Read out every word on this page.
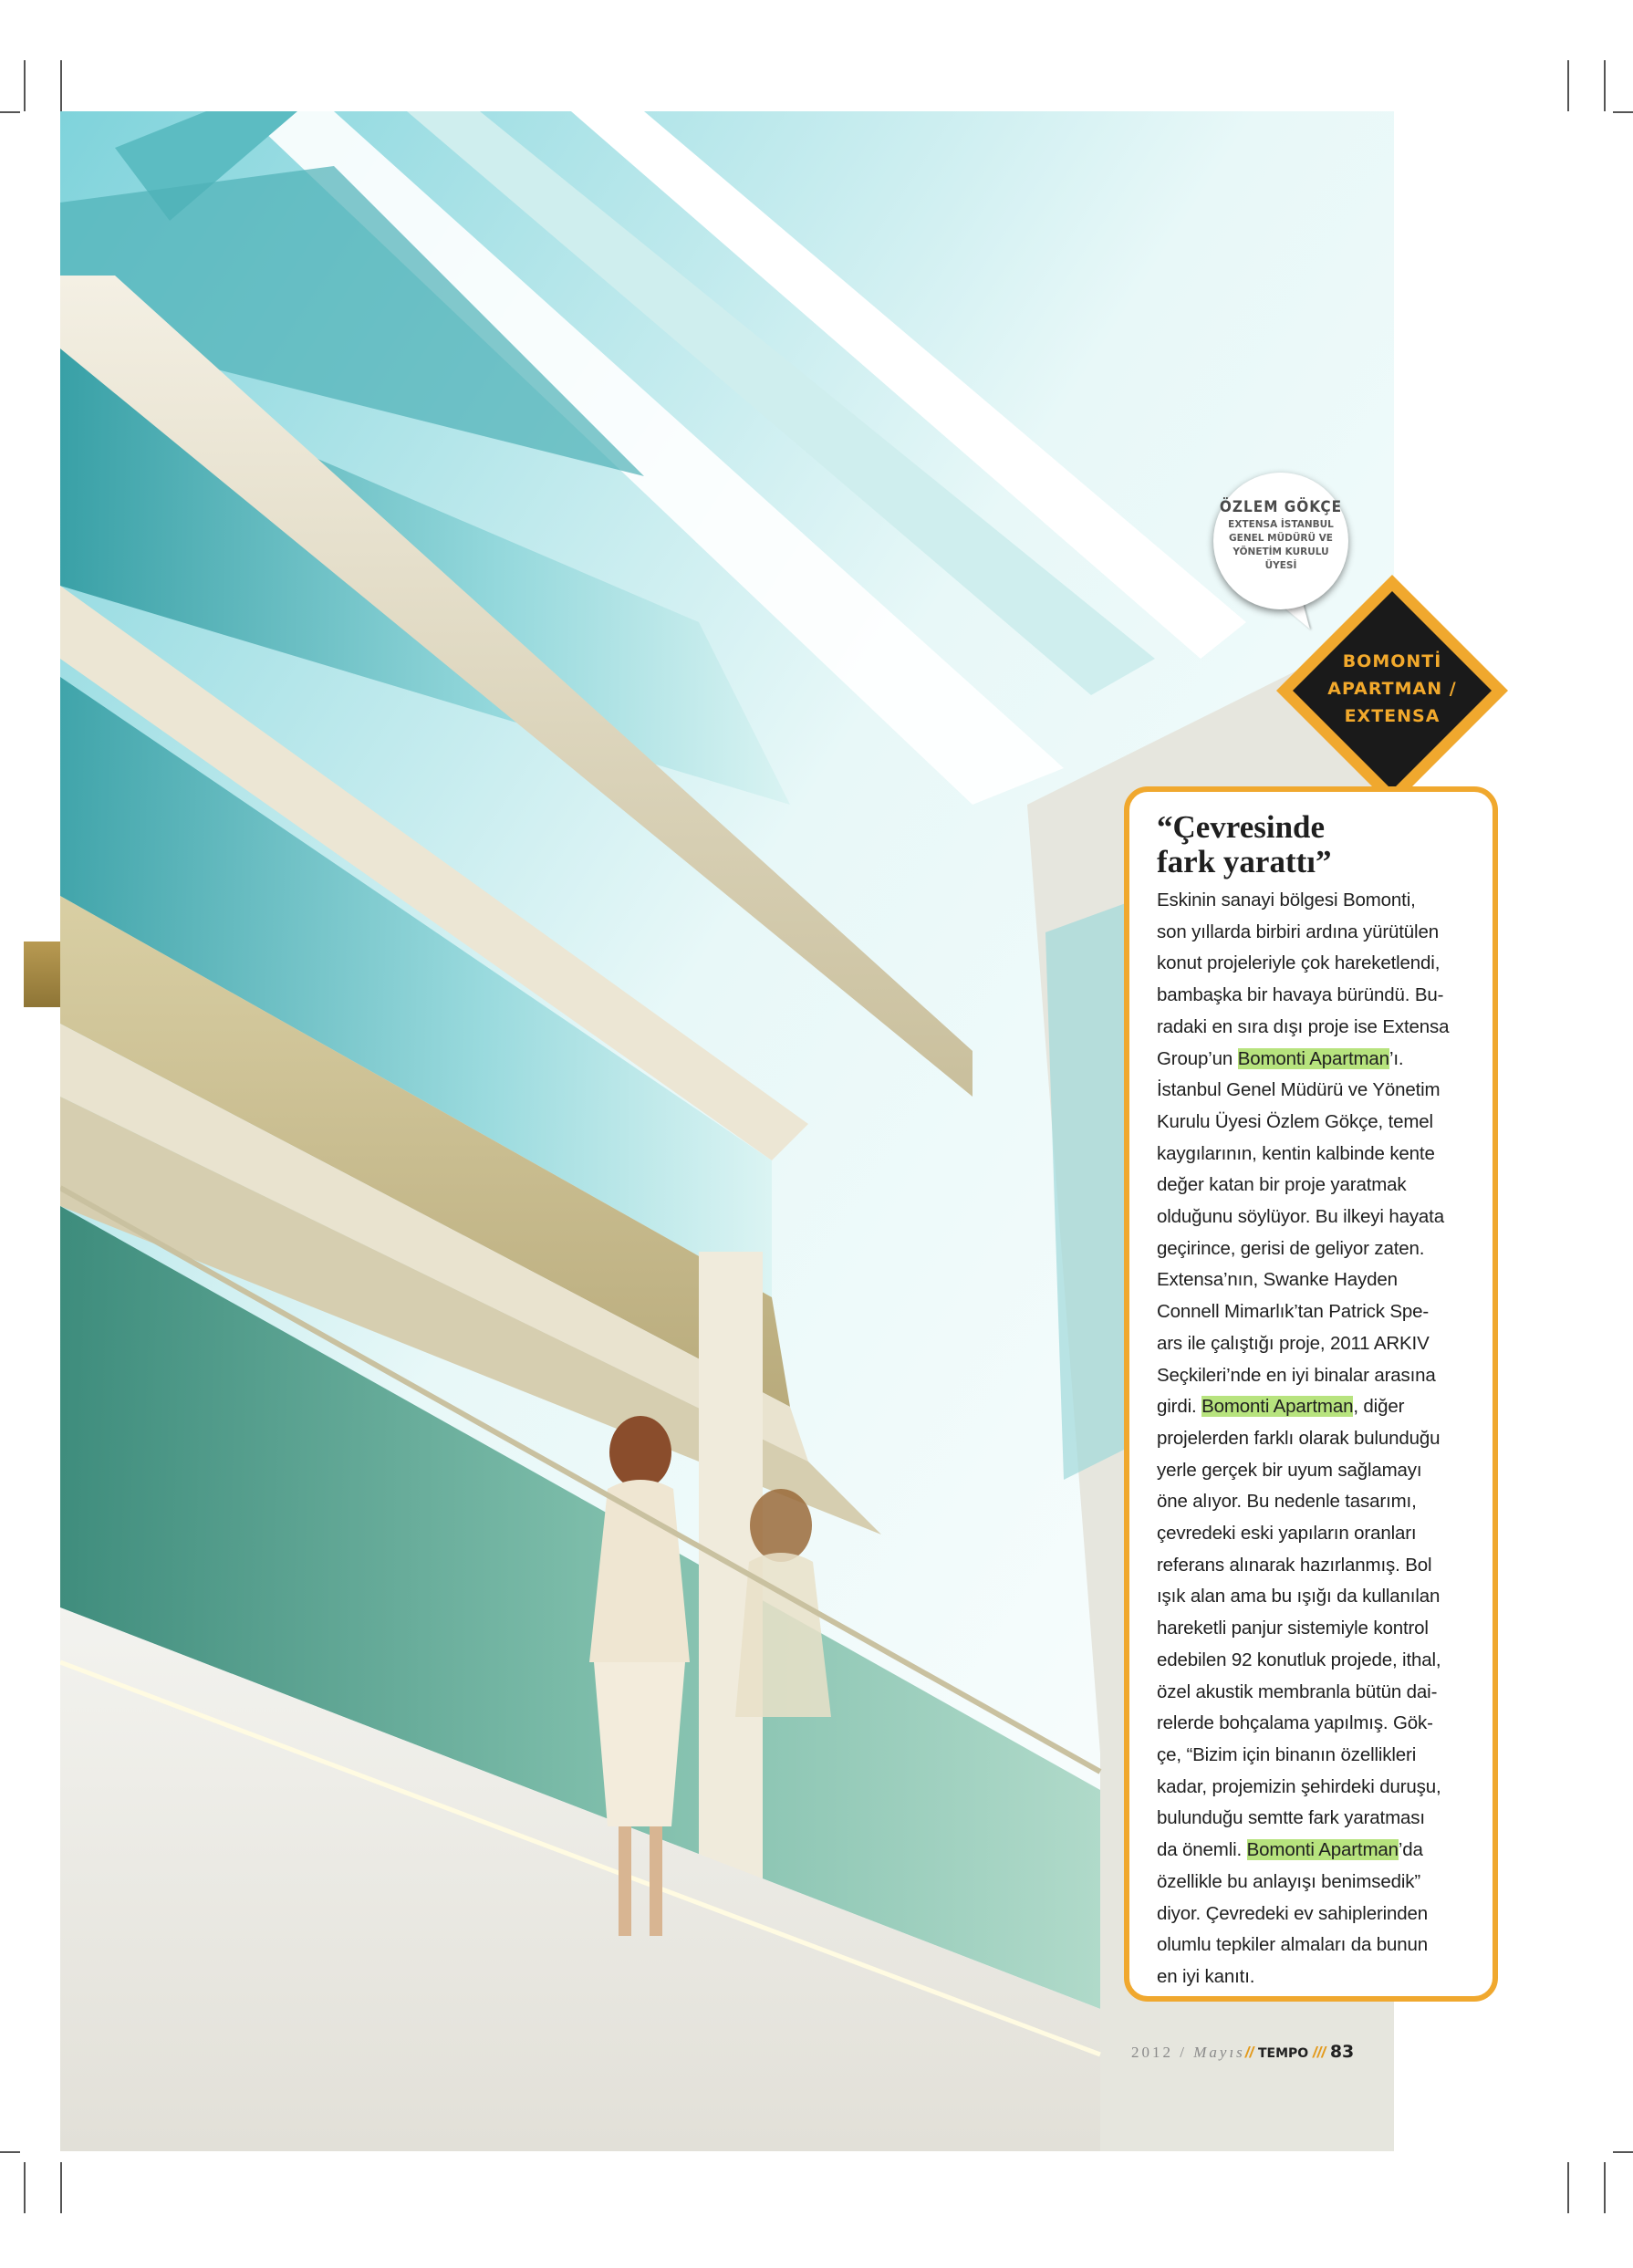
ÖZLEM GÖKÇE
EXTENSA İSTANBUL
GENEL MÜDÜRÜ VE
YÖNETİM KURULU
ÜYESİ
BOMONTİ
APARTMAN /
EXTENSA
“Çevresinde
fark yarattı”
Eskinin sanayi bölgesi Bomonti,
son yıllarda birbiri ardına yürütülen
konut projeleriyle çok hareketlendi,
bambaşka bir havaya büründü. Bu-
radaki en sıra dışı proje ise Extensa
Group’un Bomonti Apartman’ı.
İstanbul Genel Müdürü ve Yönetim
Kurulu Üyesi Özlem Gökçe, temel
kaygılarının, kentin kalbinde kente
değer katan bir proje yaratmak
olduğunu söylüyor. Bu ilkeyi hayata
geçirince, gerisi de geliyor zaten.
Extensa’nın, Swanke Hayden
Connell Mimarlık’tan Patrick Spe-
ars ile çalıştığı proje, 2011 ARKIV
Seçkileri’nde en iyi binalar arasına
girdi. Bomonti Apartman, diğer
projelerden farklı olarak bulunduğu
yerle gerçek bir uyum sağlamayı
öne alıyor. Bu nedenle tasarımı,
çevredeki eski yapıların oranları
referans alınarak hazırlanmış. Bol
ışık alan ama bu ışığı da kullanılan
hareketli panjur sistemiyle kontrol
edebilen 92 konutluk projede, ithal,
özel akustik membranla bütün dai-
relerde bohçalama yapılmış. Gök-
çe, “Bizim için binanın özellikleri
kadar, projemizin şehirdeki duruşu,
bulunduğu semtte fark yaratması
da önemli. Bomonti Apartman’da
özellikle bu anlayışı benimsedik”
diyor. Çevredeki ev sahiplerinden
olumlu tepkiler almaları da bunun
en iyi kanıtı.
2012 / Mayıs// TEMPO /// 83
